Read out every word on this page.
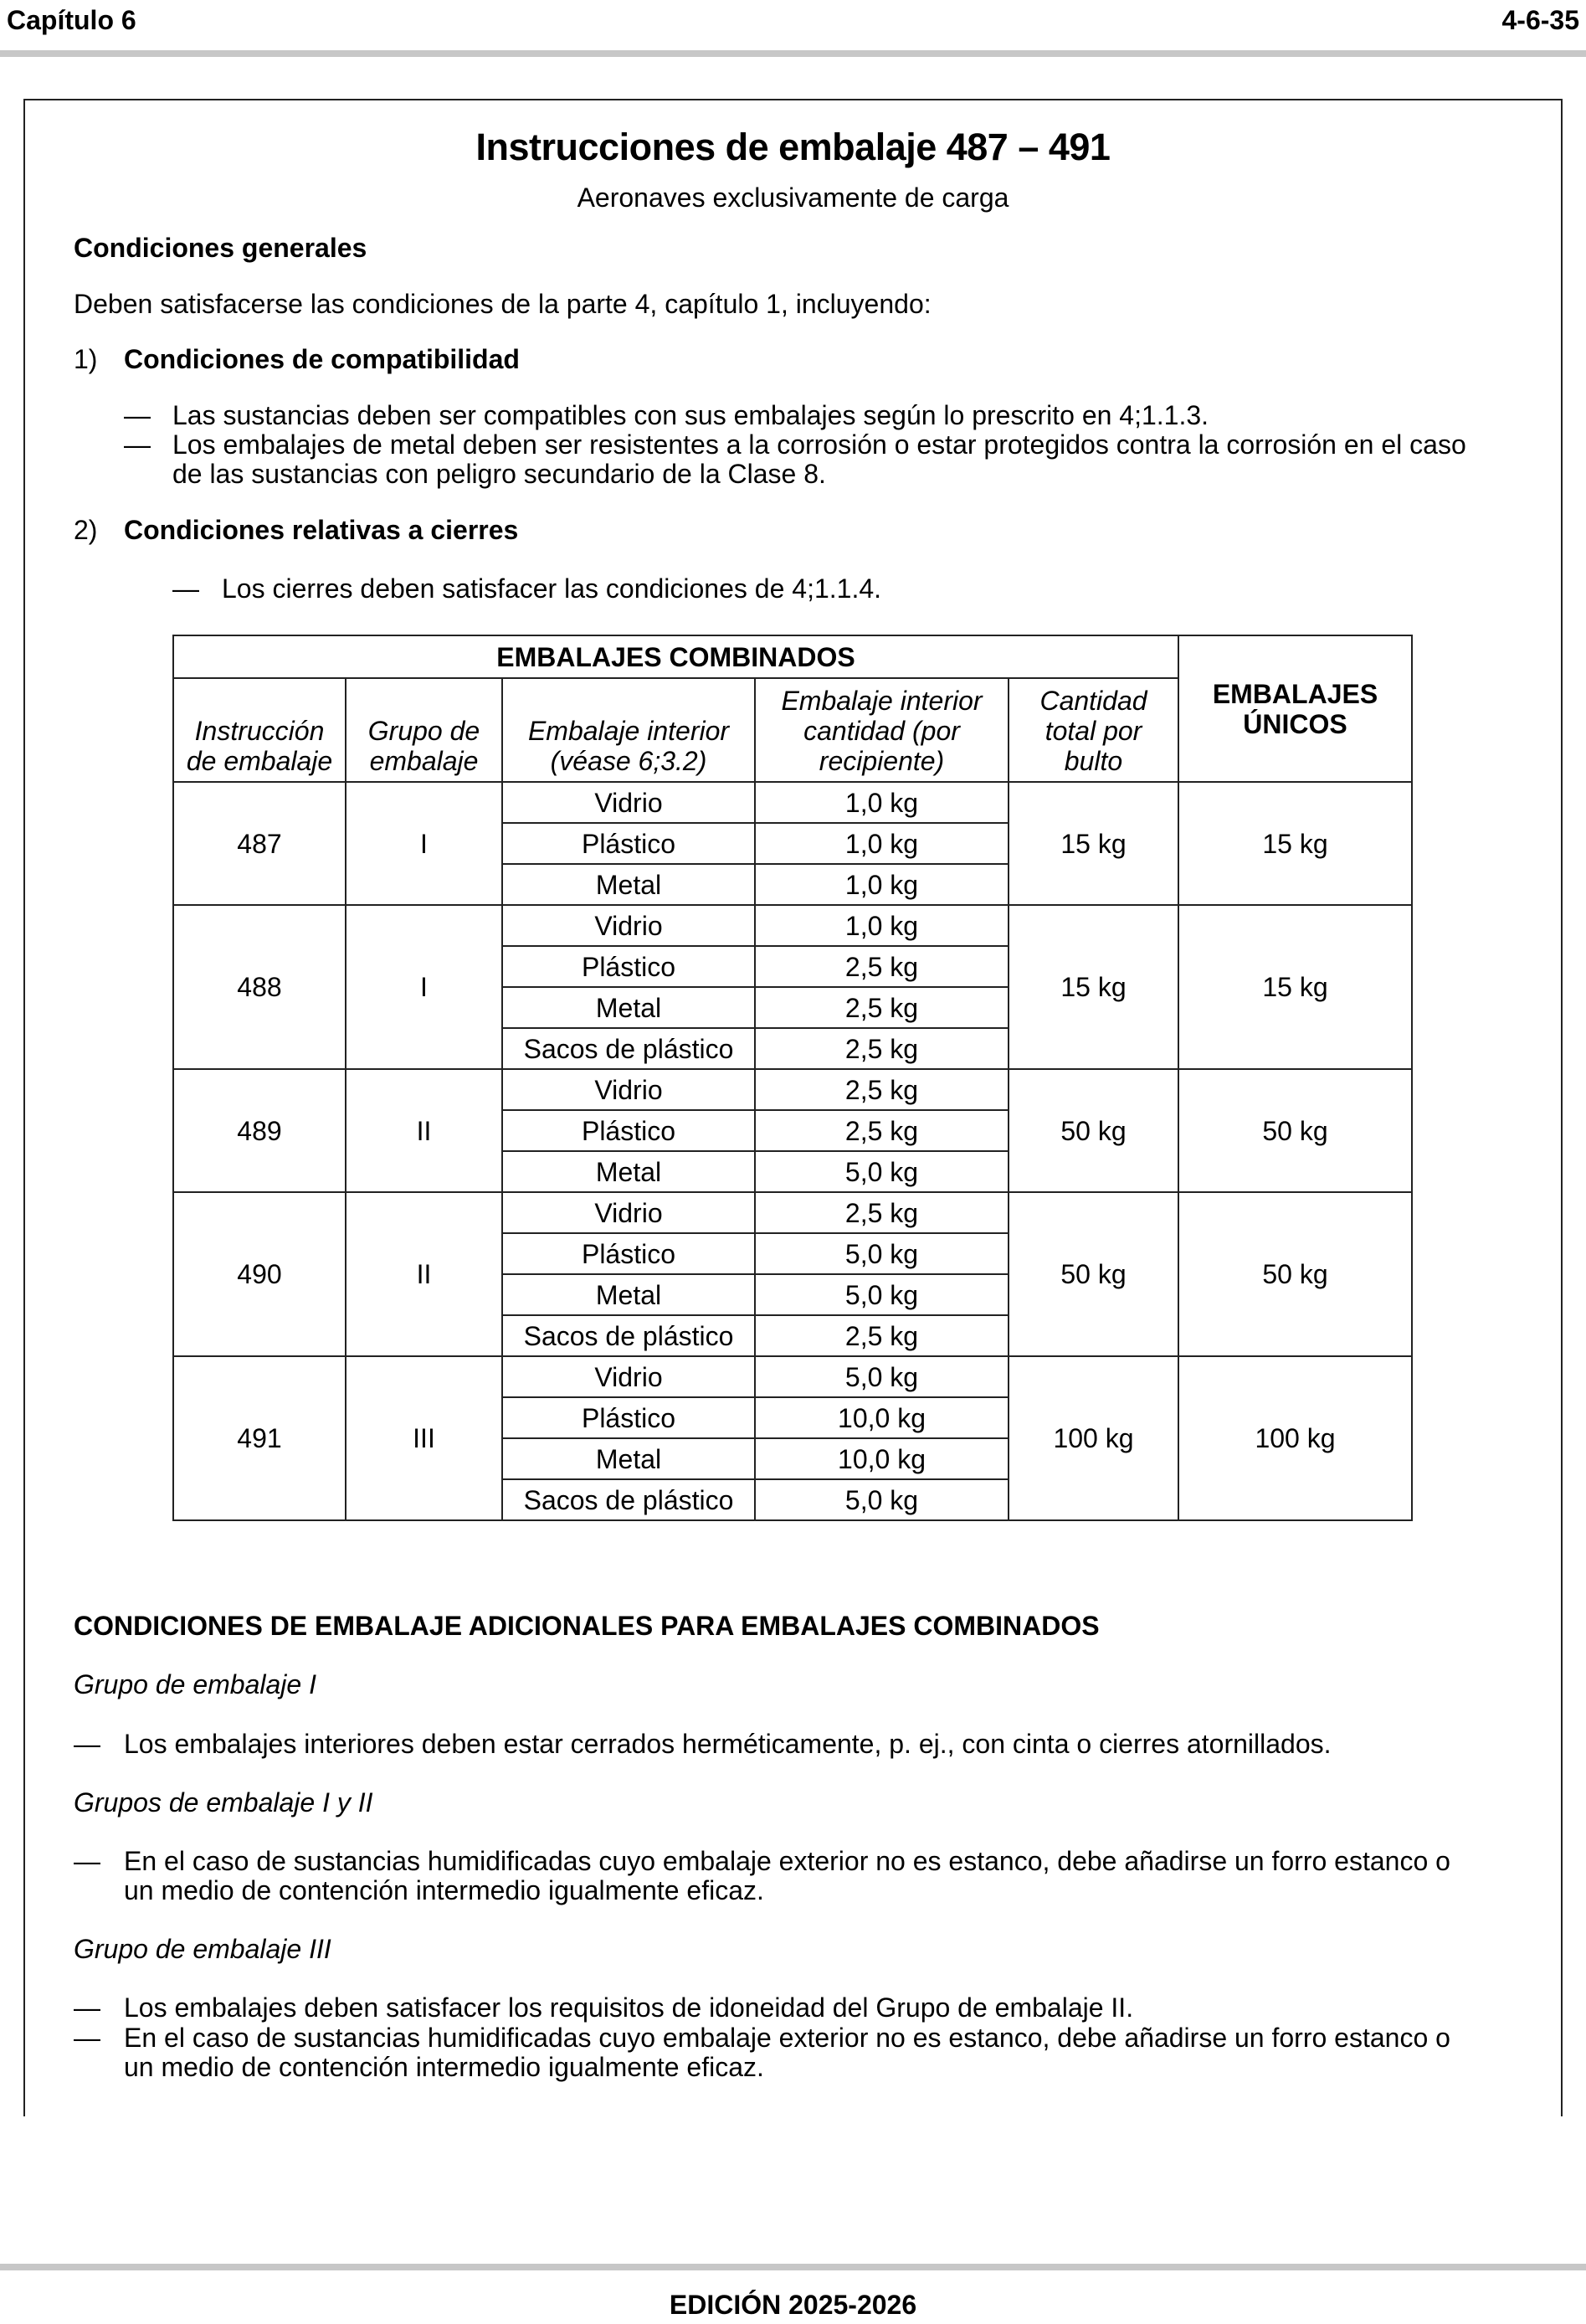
Capítulo 6	4-6-35
Instrucciones de embalaje 487 – 491
Aeronaves exclusivamente de carga
Condiciones generales
Deben satisfacerse las condiciones de la parte 4, capítulo 1, incluyendo:
1) Condiciones de compatibilidad
— Las sustancias deben ser compatibles con sus embalajes según lo prescrito en 4;1.1.3.
— Los embalajes de metal deben ser resistentes a la corrosión o estar protegidos contra la corrosión en el caso
de las sustancias con peligro secundario de la Clase 8.
2) Condiciones relativas a cierres
— Los cierres deben satisfacer las condiciones de 4;1.1.4.
EMBALAJES COMBINADOS					EMBALAJES ÚNICOS
Instrucción de embalaje	Grupo de embalaje	Embalaje interior (véase 6;3.2)	Embalaje interior cantidad (por recipiente)	Cantidad total por bulto	
487	I	Vidrio	1,0 kg	15 kg	15 kg
		Plástico	1,0 kg		
		Metal	1,0 kg		
488	I	Vidrio	1,0 kg	15 kg	15 kg
		Plástico	2,5 kg		
		Metal	2,5 kg		
		Sacos de plástico	2,5 kg		
489	II	Vidrio	2,5 kg	50 kg	50 kg
		Plástico	2,5 kg		
		Metal	5,0 kg		
490	II	Vidrio	2,5 kg	50 kg	50 kg
		Plástico	5,0 kg		
		Metal	5,0 kg		
		Sacos de plástico	2,5 kg		
491	III	Vidrio	5,0 kg	100 kg	100 kg
		Plástico	10,0 kg		
		Metal	10,0 kg		
		Sacos de plástico	5,0 kg		
CONDICIONES DE EMBALAJE ADICIONALES PARA EMBALAJES COMBINADOS
Grupo de embalaje I
— Los embalajes interiores deben estar cerrados herméticamente, p. ej., con cinta o cierres atornillados.
Grupos de embalaje I y II
— En el caso de sustancias humidificadas cuyo embalaje exterior no es estanco, debe añadirse un forro estanco o
un medio de contención intermedio igualmente eficaz.
Grupo de embalaje III
— Los embalajes deben satisfacer los requisitos de idoneidad del Grupo de embalaje II.
— En el caso de sustancias humidificadas cuyo embalaje exterior no es estanco, debe añadirse un forro estanco o
un medio de contención intermedio igualmente eficaz.
EDICIÓN 2025-2026
